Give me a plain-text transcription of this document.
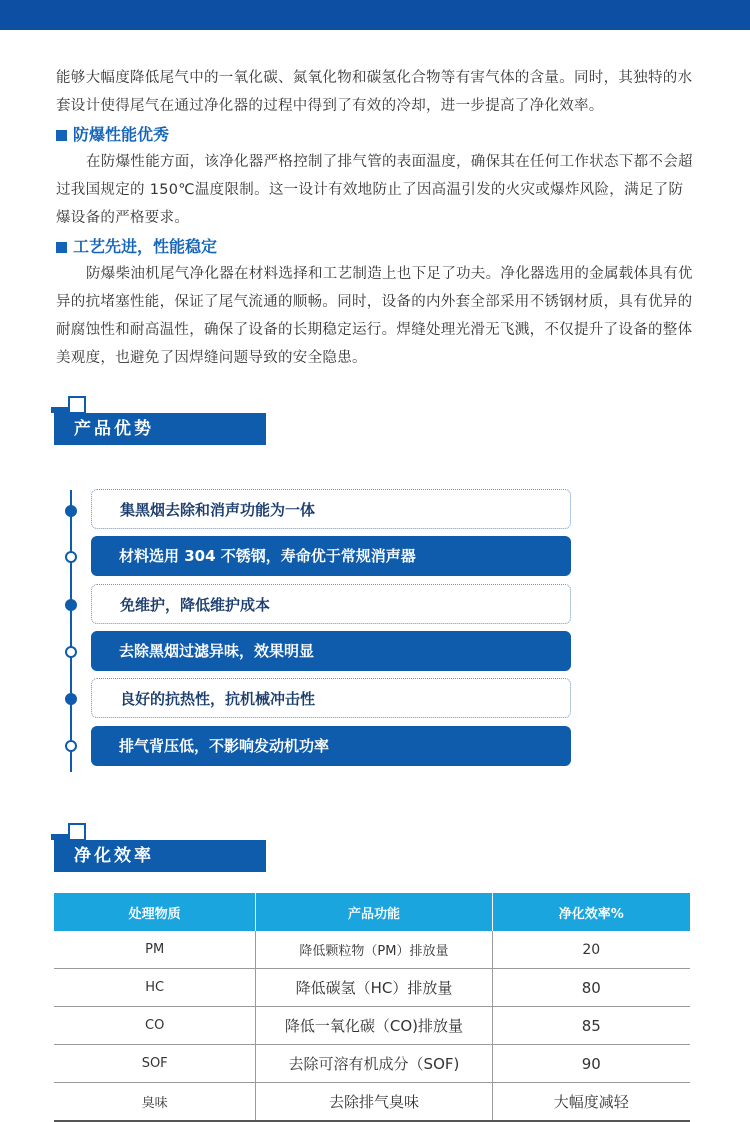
能够大幅度降低尾气中的一氧化碳、氮氧化物和碳氢化合物等有害气体的含量。同时，其独特的水套设计使得尾气在通过净化器的过程中得到了有效的冷却，进一步提高了净化效率。

防爆性能优秀

在防爆性能方面，该净化器严格控制了排气管的表面温度，确保其在任何工作状态下都不会超过我国规定的 150℃温度限制。这一设计有效地防止了因高温引发的火灾或爆炸风险，满足了防爆设备的严格要求。

工艺先进，性能稳定

防爆柴油机尾气净化器在材料选择和工艺制造上也下足了功夫。净化器选用的金属载体具有优异的抗堵塞性能，保证了尾气流通的顺畅。同时，设备的内外套全部采用不锈钢材质，具有优异的耐腐蚀性和耐高温性，确保了设备的长期稳定运行。焊缝处理光滑无飞溅，不仅提升了设备的整体美观度，也避免了因焊缝问题导致的安全隐患。

产品优势
集黑烟去除和消声功能为一体
材料选用 304 不锈钢，寿命优于常规消声器
免维护，降低维护成本
去除黑烟过滤异味，效果明显
良好的抗热性，抗机械冲击性
排气背压低，不影响发动机功率
净化效率
处理物质	产品功能	净化效率%
PM	降低颗粒物（PM）排放量	20
HC	降低碳氢（HC）排放量	80
CO	降低一氧化碳（CO)排放量	85
SOF	去除可溶有机成分（SOF)	90
臭味	去除排气臭味	大幅度减轻
